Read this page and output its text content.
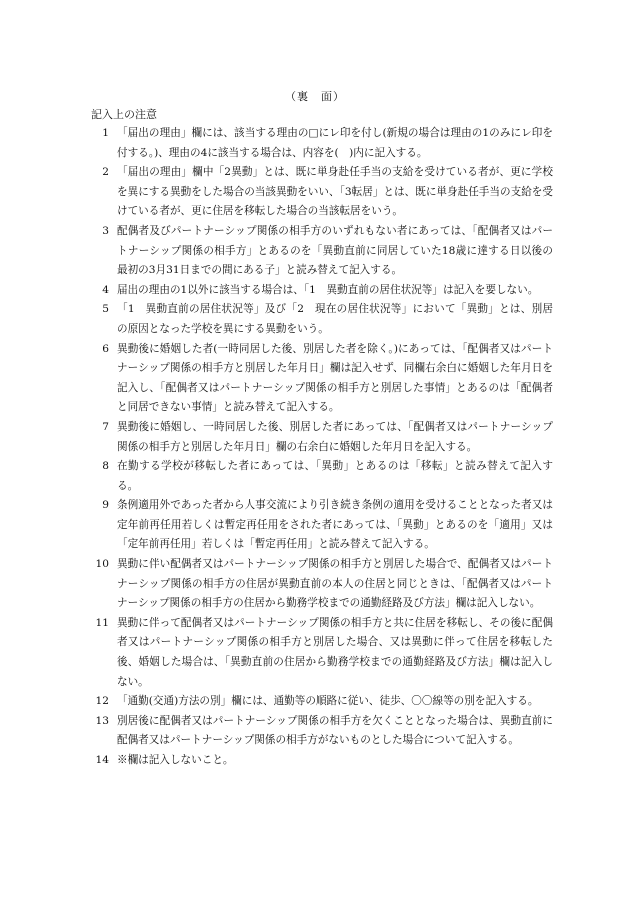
（裏　面）
記入上の注意
1 「届出の理由」欄には、該当する理由の□にレ印を付し(新規の場合は理由の1のみにレ印を付する。)、理由の4に該当する場合は、内容を(　)内に記入する。
2 「届出の理由」欄中「2異動」とは、既に単身赴任手当の支給を受けている者が、更に学校を異にする異動をした場合の当該異動をいい、「3転居」とは、既に単身赴任手当の支給を受けている者が、更に住居を移転した場合の当該転居をいう。
3 配偶者及びパートナーシップ関係の相手方のいずれもない者にあっては、「配偶者又はパートナーシップ関係の相手方」とあるのを「異動直前に同居していた18歳に達する日以後の最初の3月31日までの間にある子」と読み替えて記入する。
4 届出の理由の1以外に該当する場合は、「1　異動直前の居住状況等」は記入を要しない。
5 「1　異動直前の居住状況等」及び「2　現在の居住状況等」において「異動」とは、別居の原因となった学校を異にする異動をいう。
6 異動後に婚姻した者(一時同居した後、別居した者を除く。)にあっては、「配偶者又はパートナーシップ関係の相手方と別居した年月日」欄は記入せず、同欄右余白に婚姻した年月日を記入し、「配偶者又はパートナーシップ関係の相手方と別居した事情」とあるのは「配偶者と同居できない事情」と読み替えて記入する。
7 異動後に婚姻し、一時同居した後、別居した者にあっては、「配偶者又はパートナーシップ関係の相手方と別居した年月日」欄の右余白に婚姻した年月日を記入する。
8 在勤する学校が移転した者にあっては、「異動」とあるのは「移転」と読み替えて記入する。
9 条例適用外であった者から人事交流により引き続き条例の適用を受けることとなった者又は定年前再任用若しくは暫定再任用をされた者にあっては、「異動」とあるのを「適用」又は「定年前再任用」若しくは「暫定再任用」と読み替えて記入する。
10 異動に伴い配偶者又はパートナーシップ関係の相手方と別居した場合で、配偶者又はパートナーシップ関係の相手方の住居が異動直前の本人の住居と同じときは、「配偶者又はパートナーシップ関係の相手方の住居から勤務学校までの通勤経路及び方法」欄は記入しない。
11 異動に伴って配偶者又はパートナーシップ関係の相手方と共に住居を移転し、その後に配偶者又はパートナーシップ関係の相手方と別居した場合、又は異動に伴って住居を移転した後、婚姻した場合は、「異動直前の住居から勤務学校までの通勤経路及び方法」欄は記入しない。
12 「通勤(交通)方法の別」欄には、通勤等の順路に従い、徒歩、〇〇線等の別を記入する。
13 別居後に配偶者又はパートナーシップ関係の相手方を欠くこととなった場合は、異動直前に配偶者又はパートナーシップ関係の相手方がないものとした場合について記入する。
14 ※欄は記入しないこと。
